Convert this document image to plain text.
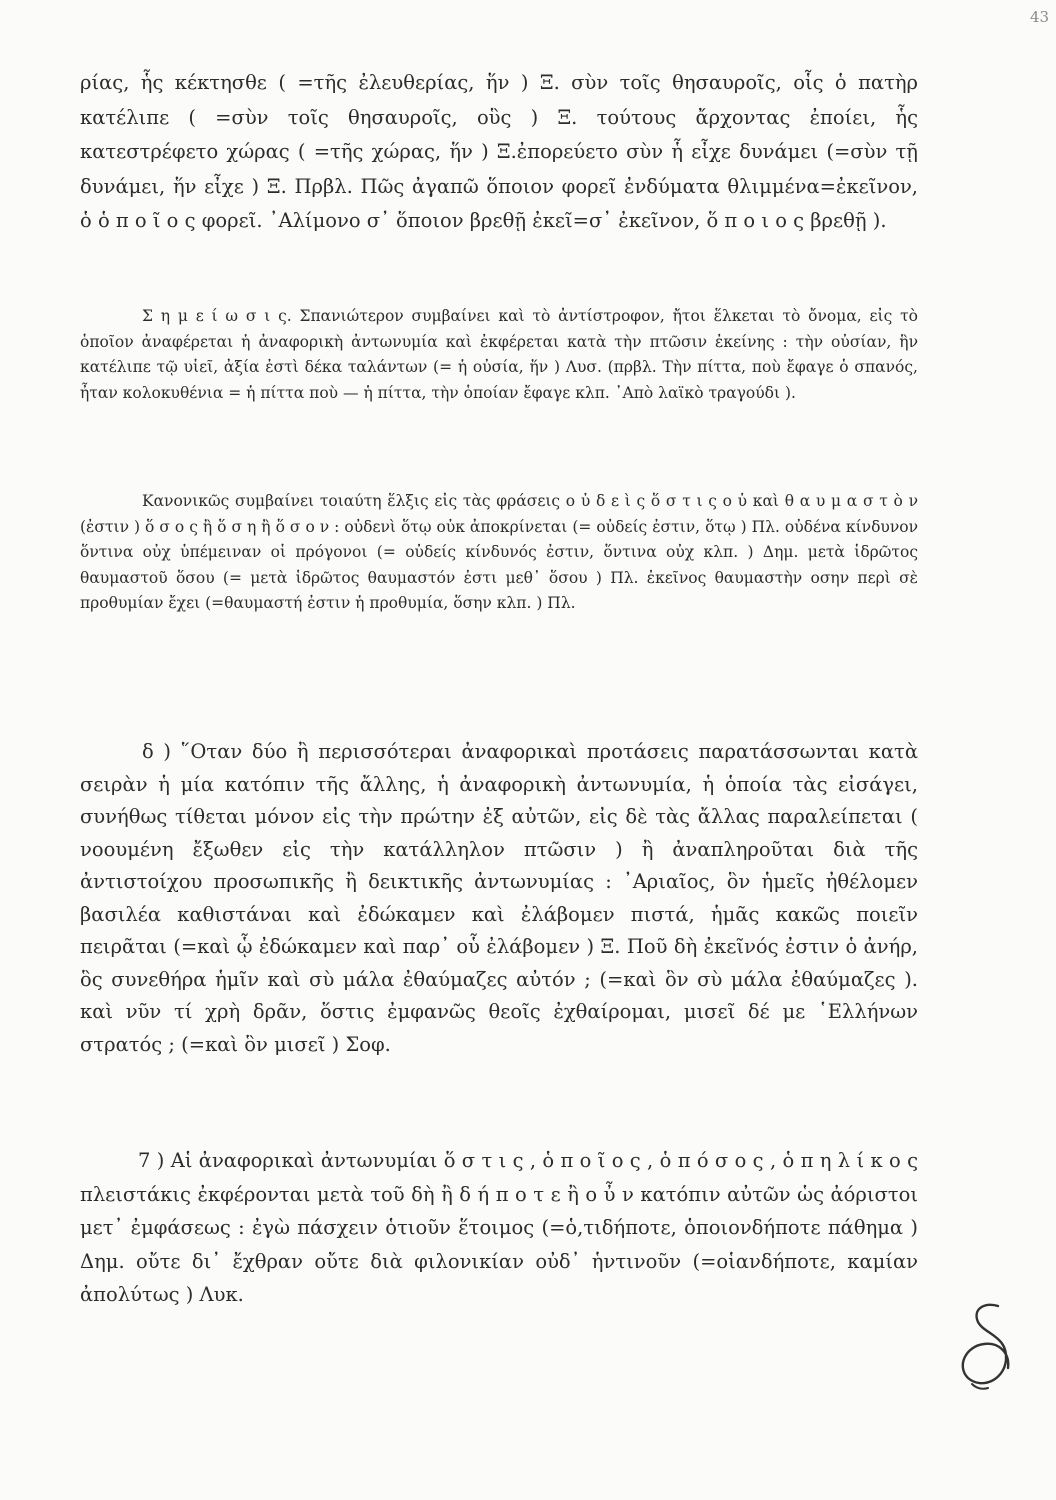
43

ρίας, ἧς κέκτησθε ( =τῆς ἐλευθερίας, ἥν ) Ξ. σὺν τοῖς θησαυροῖς, οἷς ὁ πατὴρ κατέλιπε ( =σὺν τοῖς θησαυροῖς, οὓς ) Ξ. τούτους ἄρχοντας ἐποίει, ἧς κατεστρέφετο χώρας ( =τῆς χώρας, ἥν ) Ξ.ἐπορεύετο σὺν ἧ εἶχε δυνάμει (=σὺν τῇ δυνάμει, ἥν εἶχε ) Ξ. Πρβλ. Πῶς ἀγαπῶ ὅποιον φορεῖ ἐνδύματα θλιμμένα=ἐκεῖνον, ὁ ὁ π ο ῖ ο ς φορεῖ. ᾿Αλίμονο σ᾿ ὅποιον βρεθῇ ἐκεῖ=σ᾿ ἐκεῖνον, ὅ π ο ι ο ς βρεθῇ ).

Σ η μ ε ί ω σ ι ς. Σπανιώτερον συμβαίνει καὶ τὸ ἀντίστροφον, ἤτοι ἕλκεται τὸ ὄνομα, εἰς τὸ ὁποῖον ἀναφέρεται ἡ ἀναφορικὴ ἀντωνυμία καὶ ἐκφέρεται κατὰ τὴν πτῶσιν ἐκείνης : τὴν οὐσίαν, ἣν κατέλιπε τῷ υἱεῖ, ἀξία ἐστὶ δέκα ταλάντων (= ἡ οὐσία, ἥν ) Λυσ. (πρβλ. Τὴν πίττα, ποὺ ἔφαγε ὁ σπανός, ἦταν κολοκυθένια = ἡ πίττα ποὺ — ἡ πίττα, τὴν ὁποίαν ἔφαγε κλπ. ᾿Απὸ λαϊκὸ τραγούδι ).

Κανονικῶς συμβαίνει τοιαύτη ἕλξις εἰς τὰς φράσεις ο ὐ δ ε ὶ ς ὅ σ τ ι ς ο ὐ καὶ θ α υ μ α σ τ ὸ ν (ἐστιν ) ὅ σ ο ς ἢ ὅ σ η ἢ ὅ σ ο ν : οὐδενὶ ὅτῳ οὐκ ἀποκρίνεται (= οὐδείς ἐστιν, ὅτῳ ) Πλ. οὐδένα κίνδυνον ὅντινα οὐχ ὑπέμειναν οἱ πρόγονοι (= οὐδείς κίνδυνός ἐστιν, ὅντινα οὐχ κλπ. ) Δημ. μετὰ ἱδρῶτος θαυμαστοῦ ὅσου (= μετὰ ἱδρῶτος θαυμαστόν ἐστι μεθ᾿ ὅσου ) Πλ. ἐκεῖνος θαυμαστὴν οσην περὶ σὲ προθυμίαν ἔχει (=θαυμαστή ἐστιν ἡ προθυμία, ὅσην κλπ. ) Πλ.

δ ) ῞Οταν δύο ἢ περισσότεραι ἀναφορικαὶ προτάσεις παρατάσσωνται κατὰ σειρὰν ἡ μία κατόπιν τῆς ἄλλης, ἡ ἀναφορικὴ ἀντωνυμία, ἡ ὁποία τὰς εἰσάγει, συνήθως τίθεται μόνον εἰς τὴν πρώτην ἐξ αὐτῶν, εἰς δὲ τὰς ἄλλας παραλείπεται ( νοουμένη ἔξωθεν εἰς τὴν κατάλληλον πτῶσιν ) ἢ ἀναπληροῦται διὰ τῆς ἀντιστοίχου προσωπικῆς ἢ δεικτικῆς ἀντωνυμίας : ᾿Αριαῖος, ὃν ἡμεῖς ἠθέλομεν βασιλέα καθιστάναι καὶ ἐδώκαμεν καὶ ἐλάβομεν πιστά, ἡμᾶς κακῶς ποιεῖν πειρᾶται (=καὶ ᾧ ἐδώκαμεν καὶ παρ᾿ οὗ ἐλάβομεν ) Ξ. Ποῦ δὴ ἐκεῖνός ἐστιν ὁ ἀνήρ, ὃς συνεθήρα ἡμῖν καὶ σὺ μάλα ἐθαύμαζες αὐτόν ; (=καὶ ὃν σὺ μάλα ἐθαύμαζες ). καὶ νῦν τί χρὴ δρᾶν, ὅστις ἐμφανῶς θεοῖς ἐχθαίρομαι, μισεῖ δέ με ῾Ελλήνων στρατός ; (=καὶ ὃν μισεῖ ) Σοφ.

7 ) Αἱ ἀναφορικαὶ ἀντωνυμίαι ὅ σ τ ι ς , ὁ π ο ῖ ο ς , ὁ π ό σ ο ς , ὁ π η λ ί κ ο ς πλειστάκις ἐκφέρονται μετὰ τοῦ δὴ ἢ δ ή π ο τ ε ἢ ο ὖ ν κατόπιν αὐτῶν ὡς ἀόριστοι μετ᾿ ἐμφάσεως : ἐγὼ πάσχειν ὁτιοῦν ἕτοιμος (=ὁ,τιδήποτε, ὁποιονδήποτε πάθημα ) Δημ. οὔτε δι᾿ ἔχθραν οὔτε διὰ φιλονικίαν οὐδ᾿ ἡντινοῦν (=οἱανδήποτε, καμίαν ἀπολύτως ) Λυκ.
